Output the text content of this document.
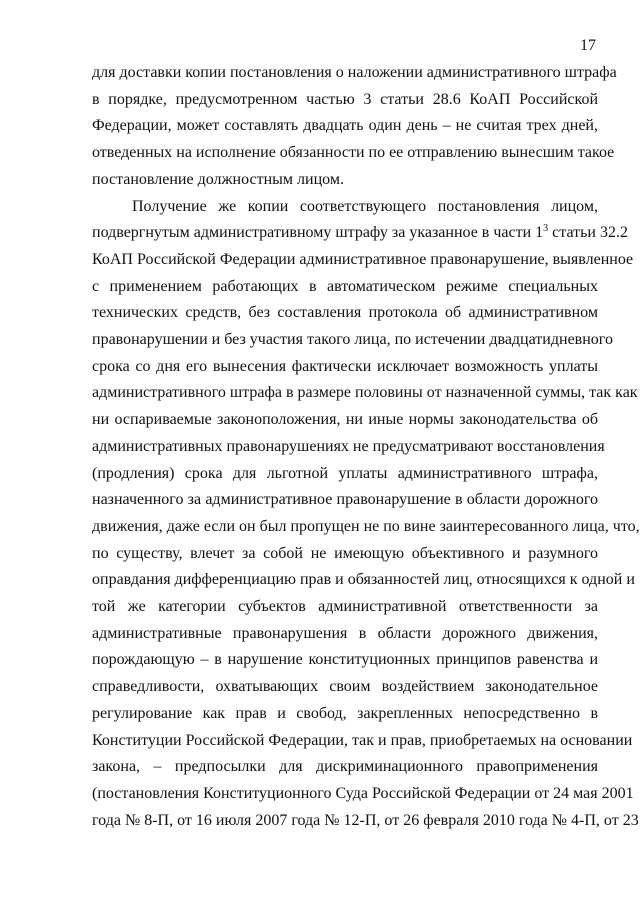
17
для доставки копии постановления о наложении административного штрафа
в порядке, предусмотренном частью 3 статьи 28.6 КоАП Российской
Федерации, может составлять двадцать один день – не считая трех дней,
отведенных на исполнение обязанности по ее отправлению вынесшим такое
постановление должностным лицом.
Получение же копии соответствующего постановления лицом,
подвергнутым административному штрафу за указанное в части $1^3$ статьи 32.2
КоАП Российской Федерации административное правонарушение, выявленное
с применением работающих в автоматическом режиме специальных
технических средств, без составления протокола об административном
правонарушении и без участия такого лица, по истечении двадцатидневного
срока со дня его вынесения фактически исключает возможность уплаты
административного штрафа в размере половины от назначенной суммы, так как
ни оспариваемые законоположения, ни иные нормы законодательства об
административных правонарушениях не предусматривают восстановления
(продления) срока для льготной уплаты административного штрафа,
назначенного за административное правонарушение в области дорожного
движения, даже если он был пропущен не по вине заинтересованного лица, что,
по существу, влечет за собой не имеющую объективного и разумного
оправдания дифференциацию прав и обязанностей лиц, относящихся к одной и
той же категории субъектов административной ответственности за
административные правонарушения в области дорожного движения,
порождающую – в нарушение конституционных принципов равенства и
справедливости, охватывающих своим воздействием законодательное
регулирование как прав и свобод, закрепленных непосредственно в
Конституции Российской Федерации, так и прав, приобретаемых на основании
закона, – предпосылки для дискриминационного правоприменения
(постановления Конституционного Суда Российской Федерации от 24 мая 2001
года № 8-П, от 16 июля 2007 года № 12-П, от 26 февраля 2010 года № 4-П, от 23
